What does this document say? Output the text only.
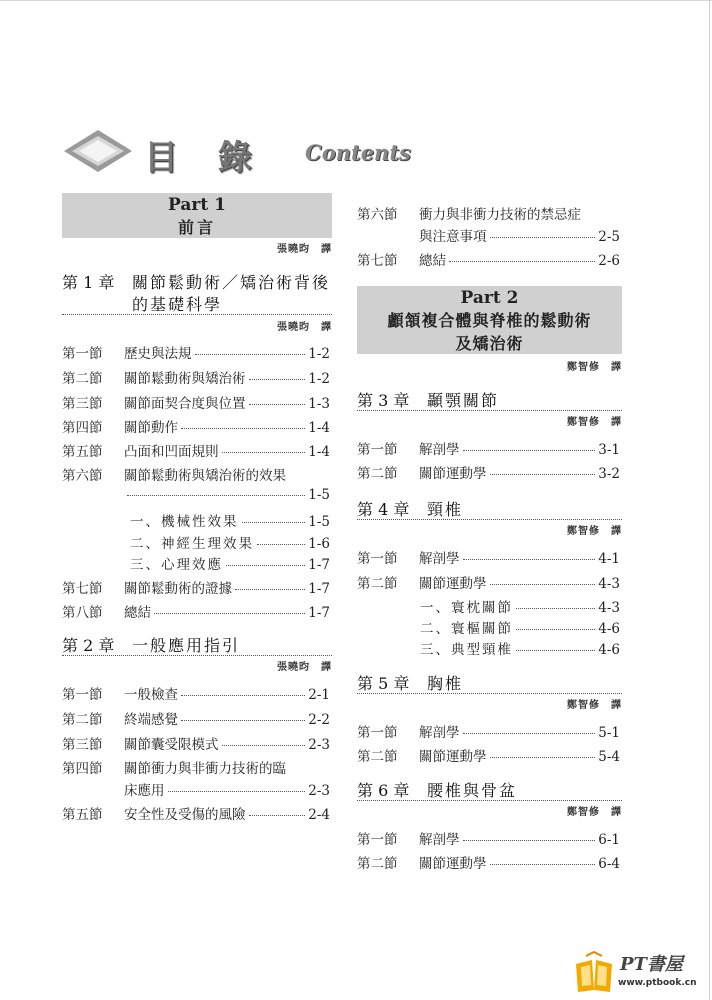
目 錄 Contents
Part 1
前言
張曉昀　譯
第 1 章 關節鬆動術／矯治術背後
的基礎科學
張曉昀　譯
第一節	歷史與法規	1-2
第二節	關節鬆動術與矯治術	1-2
第三節	關節面契合度與位置	1-3
第四節	關節動作	1-4
第五節	凸面和凹面規則	1-4
第六節	關節鬆動術與矯治術的效果
1-5
一、機械性效果	1-5
二、神經生理效果	1-6
三、心理效應	1-7
第七節	關節鬆動術的證據	1-7
第八節	總結	1-7
第 2 章 一般應用指引
張曉昀　譯
第一節	一般檢查	2-1
第二節	終端感覺	2-2
第三節	關節囊受限模式	2-3
第四節	關節衝力與非衝力技術的臨
床應用	2-3
第五節	安全性及受傷的風險	2-4
第六節	衝力與非衝力技術的禁忌症
與注意事項	2-5
第七節	總結	2-6
Part 2
顱頷複合體與脊椎的鬆動術
及矯治術
鄭智修　譯
第 3 章 顳顎關節
鄭智修　譯
第一節	解剖學	3-1
第二節	關節運動學	3-2
第 4 章 頸椎
鄭智修　譯
第一節	解剖學	4-1
第二節	關節運動學	4-3
一、寰枕關節	4-3
二、寰樞關節	4-6
三、典型頸椎	4-6
第 5 章 胸椎
鄭智修　譯
第一節	解剖學	5-1
第二節	關節運動學	5-4
第 6 章 腰椎與骨盆
鄭智修　譯
第一節	解剖學	6-1
第二節	關節運動學	6-4
PT書屋
www.ptbook.cn
